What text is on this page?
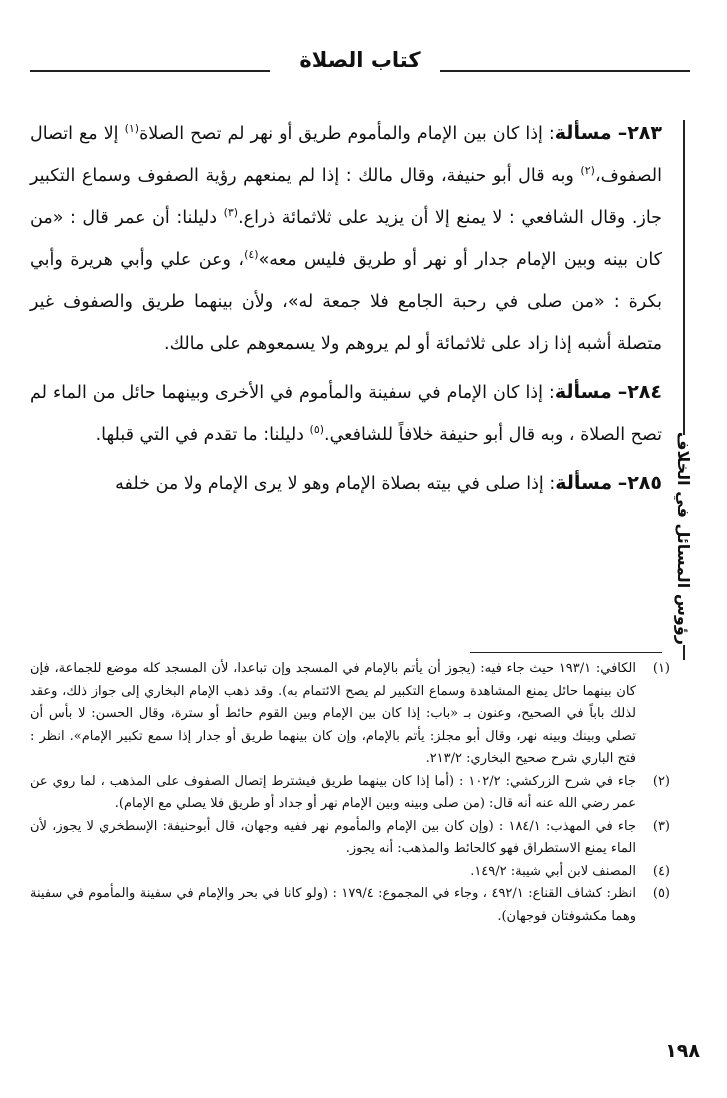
كتاب الصلاة
رؤوس المسائل في الخلاف

٢٨٣– مسألة: إذا كان بين الإمام والمأموم طريق أو نهر لم تصح الصلاة$^{(١)}$ إلا مع اتصال الصفوف،$^{(٢)}$ وبه قال أبو حنيفة، وقال مالك : إذا لم يمنعهم رؤية الصفوف وسماع التكبير جاز. وقال الشافعي : لا يمنع إلا أن يزيد على ثلاثمائة ذراع.$^{(٣)}$ دليلنا: أن عمر قال : «من كان بينه وبين الإمام جدار أو نهر أو طريق فليس معه»$^{(٤)}$، وعن علي وأبي هريرة وأبي بكرة : «من صلى في رحبة الجامع فلا جمعة له»، ولأن بينهما طريق والصفوف غير متصلة أشبه إذا زاد على ثلاثمائة أو لم يروهم ولا يسمعوهم على مالك.

٢٨٤– مسألة: إذا كان الإمام في سفينة والمأموم في الأخرى وبينهما حائل من الماء لم تصح الصلاة ، وبه قال أبو حنيفة خلافاً للشافعي.$^{(٥)}$ دليلنا: ما تقدم في التي قبلها.

٢٨٥– مسألة: إذا صلى في بيته بصلاة الإمام وهو لا يرى الإمام ولا من خلفه

(١)
الكافي: ١٩٣/١ حيث جاء فيه: (يجوز أن يأتم بالإمام في المسجد وإن تباعدا، لأن المسجد كله موضع للجماعة، فإن كان بينهما حائل يمنع المشاهدة وسماع التكبير لم يصح الائتمام به). وقد ذهب الإمام البخاري إلى جواز ذلك، وعقد لذلك باباً في الصحيح، وعنون بـ «باب: إذا كان بين الإمام وبين القوم حائط أو سترة، وقال الحسن: لا بأس أن تصلي وبينك وبينه نهر، وقال أبو مجلز: يأتم بالإمام، وإن كان بينهما طريق أو جدار إذا سمع تكبير الإمام». انظر : فتح الباري شرح صحيح البخاري: ٢١٣/٢.

(٢)
جاء في شرح الزركشي: ١٠٢/٢ : (أما إذا كان بينهما طريق فيشترط إتصال الصفوف على المذهب ، لما روي عن عمر رضي الله عنه أنه قال: (من صلى وبينه وبين الإمام نهر أو جداد أو طريق فلا يصلي مع الإمام).

(٣)
جاء في المهذب: ١٨٤/١ : (وإن كان بين الإمام والمأموم نهر ففيه وجهان، قال أبوحنيفة: الإسطخري لا يجوز، لأن الماء يمنع الاستطراق فهو كالحائط والمذهب: أنه يجوز.

(٤)
المصنف لابن أبي شيبة: ١٤٩/٢.

(٥)
انظر: كشاف القناع: ٤٩٢/١ ، وجاء في المجموع: ١٧٩/٤ : (ولو كانا في بحر والإمام في سفينة والمأموم في سفينة وهما مكشوفتان فوجهان).

١٩٨
